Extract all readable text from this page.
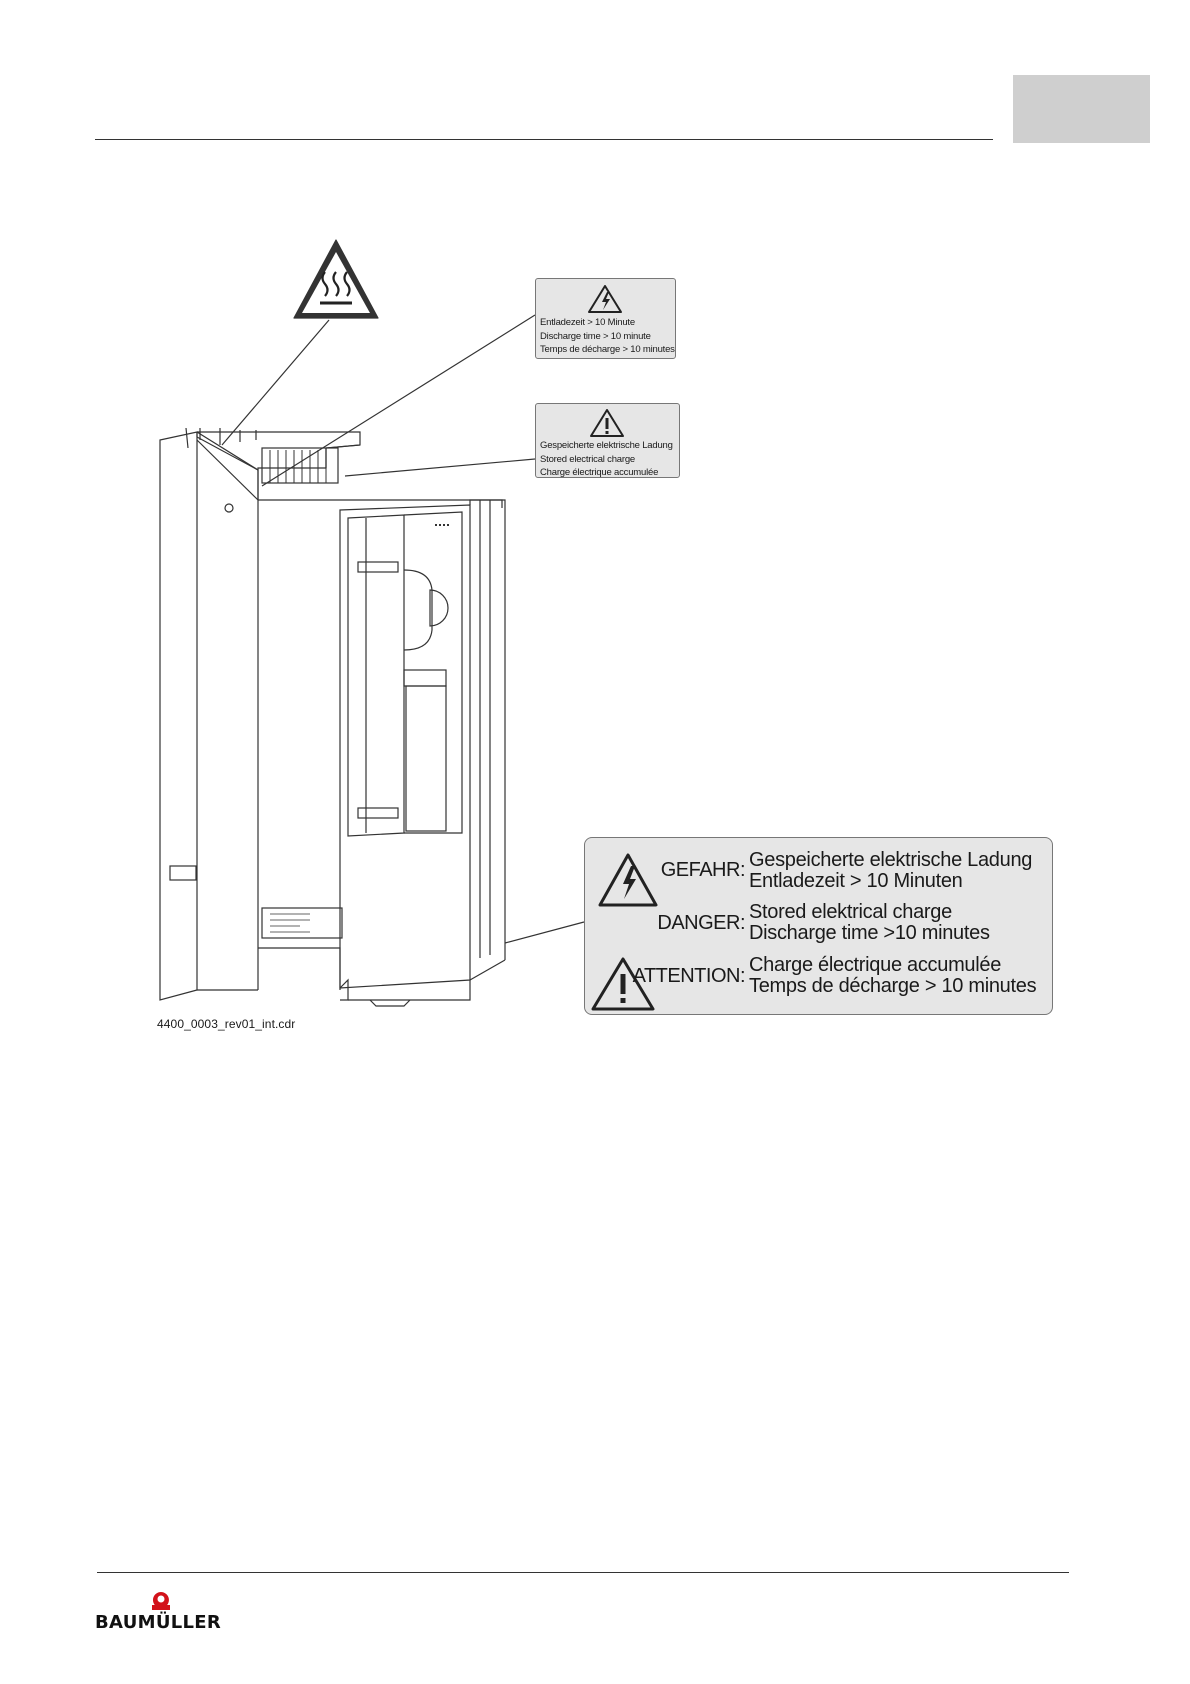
Entladezeit > 10 Minute
Discharge time > 10 minute
Temps de décharge > 10 minutes
Gespeicherte elektrische Ladung
Stored electrical charge
Charge électrique accumulée
GEFAHR: Gespeicherte elektrische Ladung
Entladezeit > 10 Minuten
DANGER: Stored elektrical charge
Discharge time >10 minutes
ATTENTION: Charge électrique accumulée
Temps de décharge > 10 minutes
4400_0003_rev01_int.cdr
BAUMÜLLER
